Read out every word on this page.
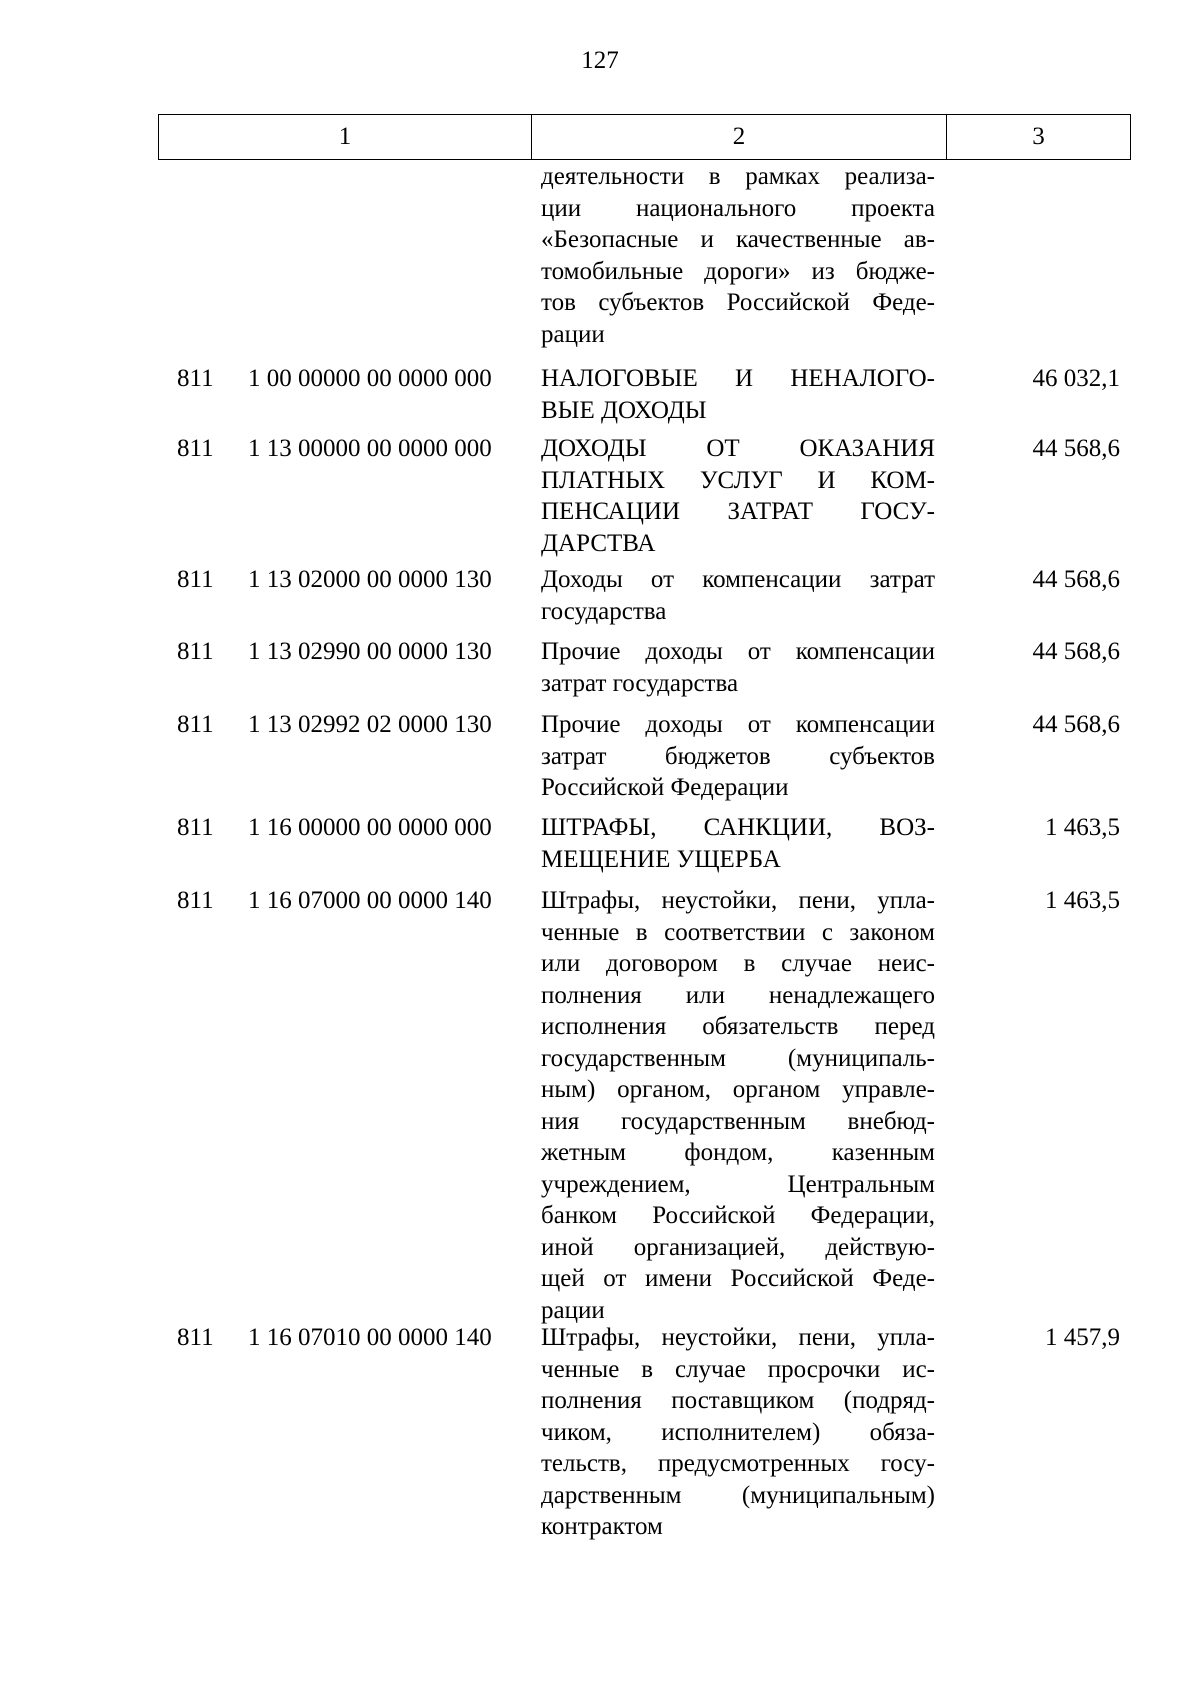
127
1	2	3
деятельности в рамках реализа-
ции национального проекта
«Безопасные и качественные ав-
томобильные дороги» из бюдже-
тов субъектов Российской Феде-
рации
811	1 00 00000 00 0000 000	НАЛОГОВЫЕ И НЕНАЛОГО-
ВЫЕ ДОХОДЫ
46 032,1
811	1 13 00000 00 0000 000	ДОХОДЫ ОТ ОКАЗАНИЯ
ПЛАТНЫХ УСЛУГ И КОМ-
ПЕНСАЦИИ ЗАТРАТ ГОСУ-
ДАРСТВА
44 568,6
811	1 13 02000 00 0000 130	Доходы от компенсации затрат
государства
44 568,6
811	1 13 02990 00 0000 130	Прочие доходы от компенсации
затрат государства
44 568,6
811	1 13 02992 02 0000 130	Прочие доходы от компенсации
затрат бюджетов субъектов
Российской Федерации
44 568,6
811	1 16 00000 00 0000 000	ШТРАФЫ, САНКЦИИ, ВОЗ-
МЕЩЕНИЕ УЩЕРБА
1 463,5
811	1 16 07000 00 0000 140	Штрафы, неустойки, пени, упла-
ченные в соответствии с законом
или договором в случае неис-
полнения или ненадлежащего
исполнения обязательств перед
государственным (муниципаль-
ным) органом, органом управле-
ния государственным внебюд-
жетным фондом, казенным
учреждением, Центральным
банком Российской Федерации,
иной организацией, действую-
щей от имени Российской Феде-
рации
1 463,5
811	1 16 07010 00 0000 140	Штрафы, неустойки, пени, упла-
ченные в случае просрочки ис-
полнения поставщиком (подряд-
чиком, исполнителем) обяза-
тельств, предусмотренных госу-
дарственным (муниципальным)
контрактом
1 457,9
